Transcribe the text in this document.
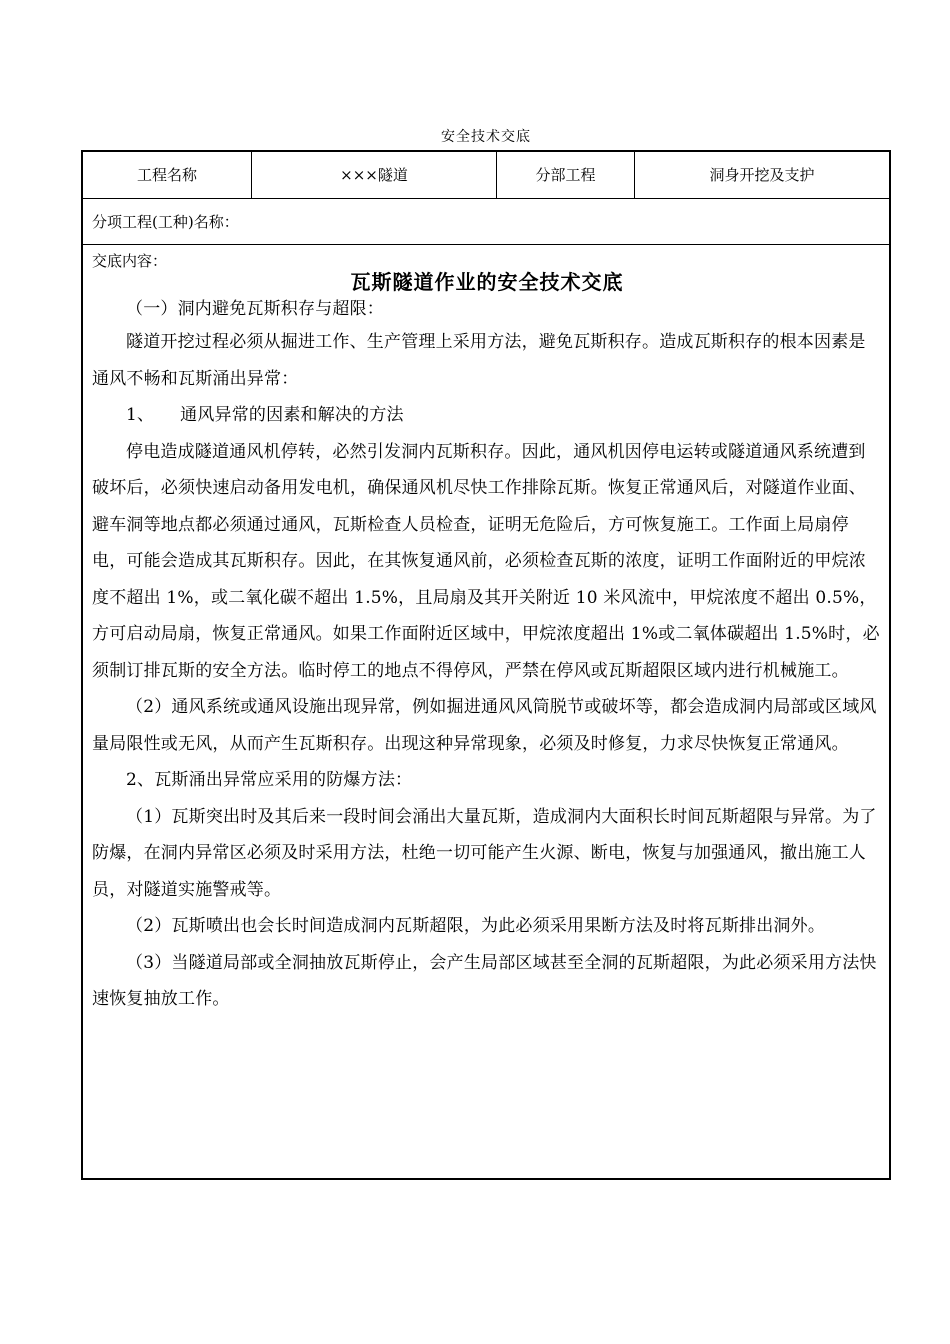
安全技术交底
工程名称	×××隧道	分部工程	洞身开挖及支护
分项工程(工种)名称：
交底内容：
瓦斯隧道作业的安全技术交底

（一）洞内避免瓦斯积存与超限：

隧道开挖过程必须从掘进工作、生产管理上采用方法，避免瓦斯积存。造成瓦斯积存的根本因素是通风不畅和瓦斯涌出异常：

1、　　通风异常的因素和解决的方法

停电造成隧道通风机停转，必然引发洞内瓦斯积存。因此，通风机因停电运转或隧道通风系统遭到破坏后，必须快速启动备用发电机，确保通风机尽快工作排除瓦斯。恢复正常通风后，对隧道作业面、避车洞等地点都必须通过通风，瓦斯检查人员检查，证明无危险后，方可恢复施工。工作面上局扇停电，可能会造成其瓦斯积存。因此，在其恢复通风前，必须检查瓦斯的浓度，证明工作面附近的甲烷浓度不超出 1%，或二氧化碳不超出 1.5%，且局扇及其开关附近 10 米风流中，甲烷浓度不超出 0.5%，方可启动局扇，恢复正常通风。如果工作面附近区域中，甲烷浓度超出 1%或二氧体碳超出 1.5%时，必须制订排瓦斯的安全方法。临时停工的地点不得停风，严禁在停风或瓦斯超限区域内进行机械施工。

（2）通风系统或通风设施出现异常，例如掘进通风风筒脱节或破坏等，都会造成洞内局部或区域风量局限性或无风，从而产生瓦斯积存。出现这种异常现象，必须及时修复，力求尽快恢复正常通风。

2、瓦斯涌出异常应采用的防爆方法：

（1）瓦斯突出时及其后来一段时间会涌出大量瓦斯，造成洞内大面积长时间瓦斯超限与异常。为了防爆，在洞内异常区必须及时采用方法，杜绝一切可能产生火源、断电，恢复与加强通风，撤出施工人员，对隧道实施警戒等。

（2）瓦斯喷出也会长时间造成洞内瓦斯超限，为此必须采用果断方法及时将瓦斯排出洞外。

（3）当隧道局部或全洞抽放瓦斯停止，会产生局部区域甚至全洞的瓦斯超限，为此必须采用方法快速恢复抽放工作。
